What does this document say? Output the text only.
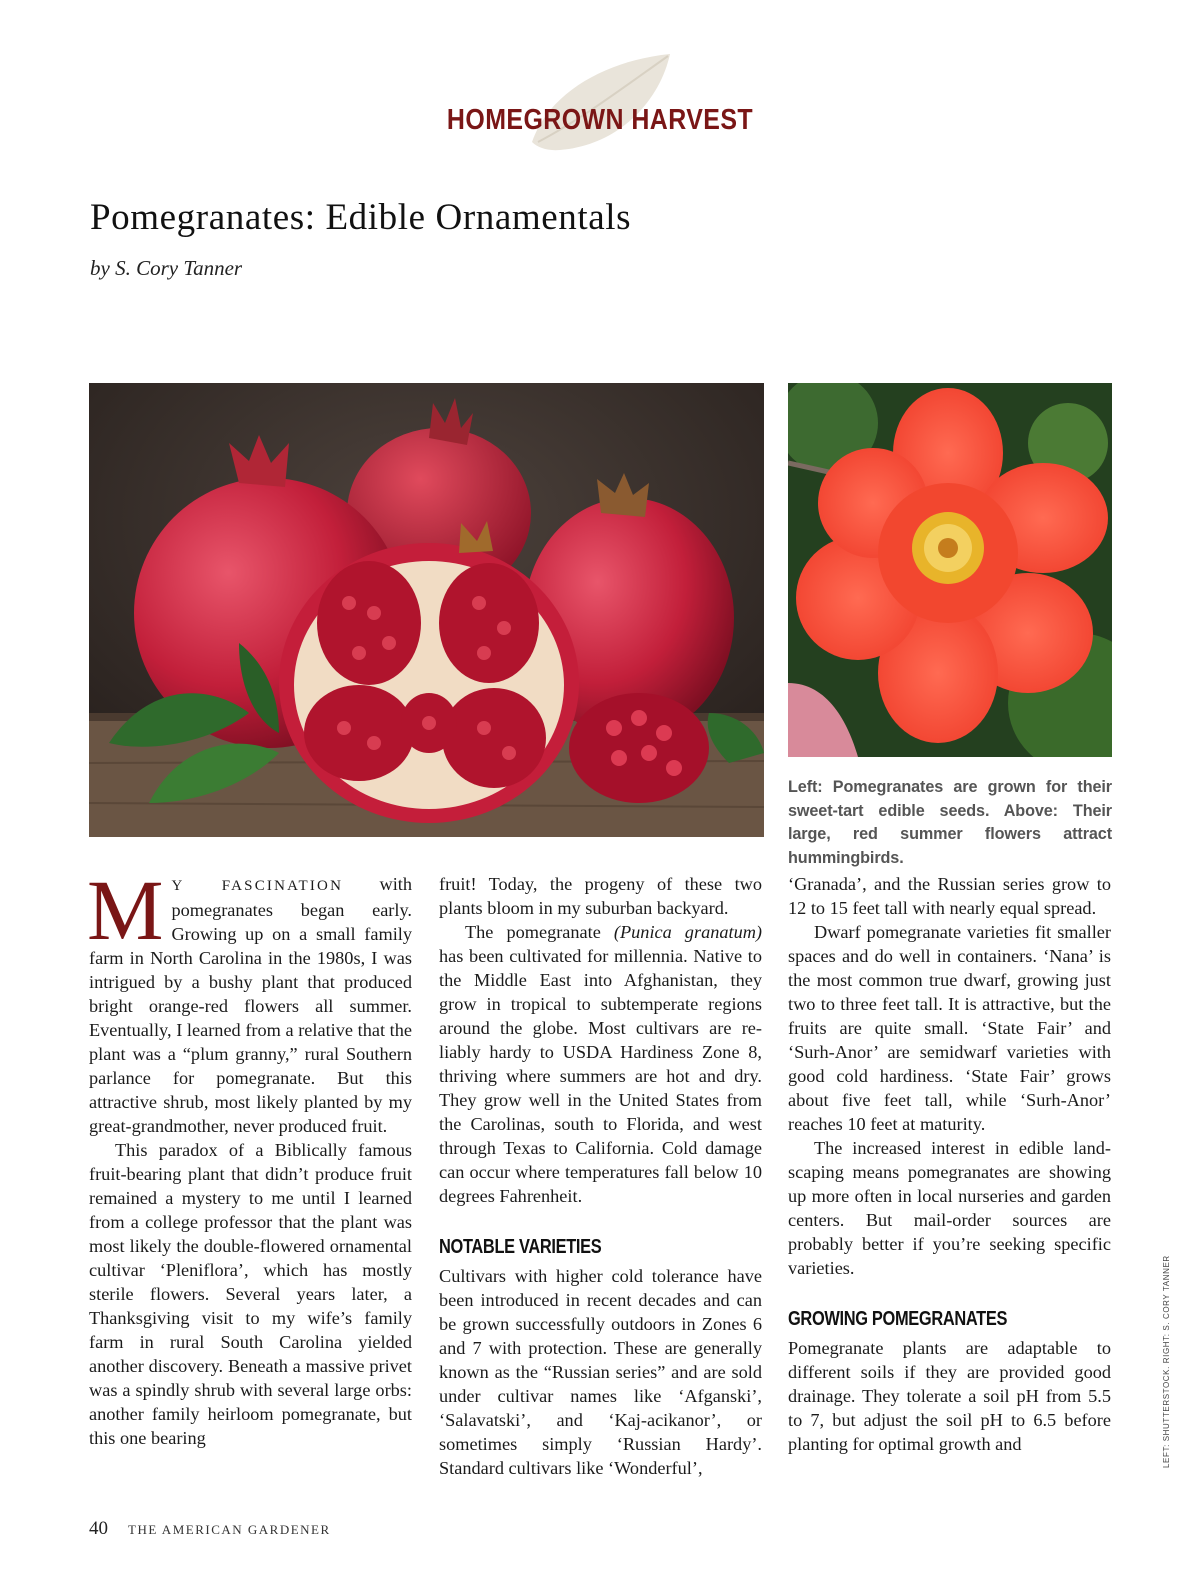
HOMEGROWN HARVEST
Pomegranates: Edible Ornamentals
by S. Cory Tanner
Left: Pomegranates are grown for their sweet-tart edible seeds. Above: Their large, red summer flowers attract hummingbirds.

M Y FASCINATION with pomegranates began early. Growing up on a small family farm in North Carolina in the 1980s, I was intrigued by a bushy plant that produced bright orange-red flowers all summer. Eventually, I learned from a relative that the plant was a “plum granny,” rural Southern parlance for pomegranate. But this attractive shrub, most likely planted by my great-grandmother, never produced fruit.

This paradox of a Biblically famous fruit-bearing plant that didn’t produce fruit remained a mystery to me until I learned from a college professor that the plant was most likely the double-flowered ornamental cultivar ‘Pleniflora’, which has mostly sterile flowers. Several years later, a Thanksgiving visit to my wife’s family farm in rural South Carolina yielded another discovery. Beneath a massive privet was a spindly shrub with several large orbs: another family heirloom pomegranate, but this one bearing

fruit! Today, the progeny of these two plants bloom in my suburban backyard.

The pomegranate (Punica granatum) has been cultivated for millennia. Native to the Middle East into Afghanistan, they grow in tropical to subtemperate regions around the globe. Most cultivars are reliably hardy to USDA Hardiness Zone 8, thriving where summers are hot and dry. They grow well in the United States from the Carolinas, south to Florida, and west through Texas to California. Cold damage can occur where temperatures fall below 10 degrees Fahrenheit.

NOTABLE VARIETIES

Cultivars with higher cold tolerance have been introduced in recent decades and can be grown successfully outdoors in Zones 6 and 7 with protection. These are generally known as the “Russian series” and are sold under cultivar names like ‘Afganski’, ‘Salavatski’, and ‘Kaj-acikanor’, or sometimes simply ‘Russian Hardy’. Standard cultivars like ‘Wonderful’,

‘Granada’, and the Russian series grow to 12 to 15 feet tall with nearly equal spread.

Dwarf pomegranate varieties fit smaller spaces and do well in containers. ‘Nana’ is the most common true dwarf, growing just two to three feet tall. It is attractive, but the fruits are quite small. ‘State Fair’ and ‘Surh-Anor’ are semidwarf varieties with good cold hardiness. ‘State Fair’ grows about five feet tall, while ‘Surh-Anor’ reaches 10 feet at maturity.

The increased interest in edible landscaping means pomegranates are showing up more often in local nurseries and garden centers. But mail-order sources are probably better if you’re seeking specific varieties.

GROWING POMEGRANATES

Pomegranate plants are adaptable to different soils if they are provided good drainage. They tolerate a soil pH from 5.5 to 7, but adjust the soil pH to 6.5 before planting for optimal growth and	LEFT: SHUTTERSTOCK. RIGHT: S. CORY TANNER
40 THE AMERICAN GARDENER
